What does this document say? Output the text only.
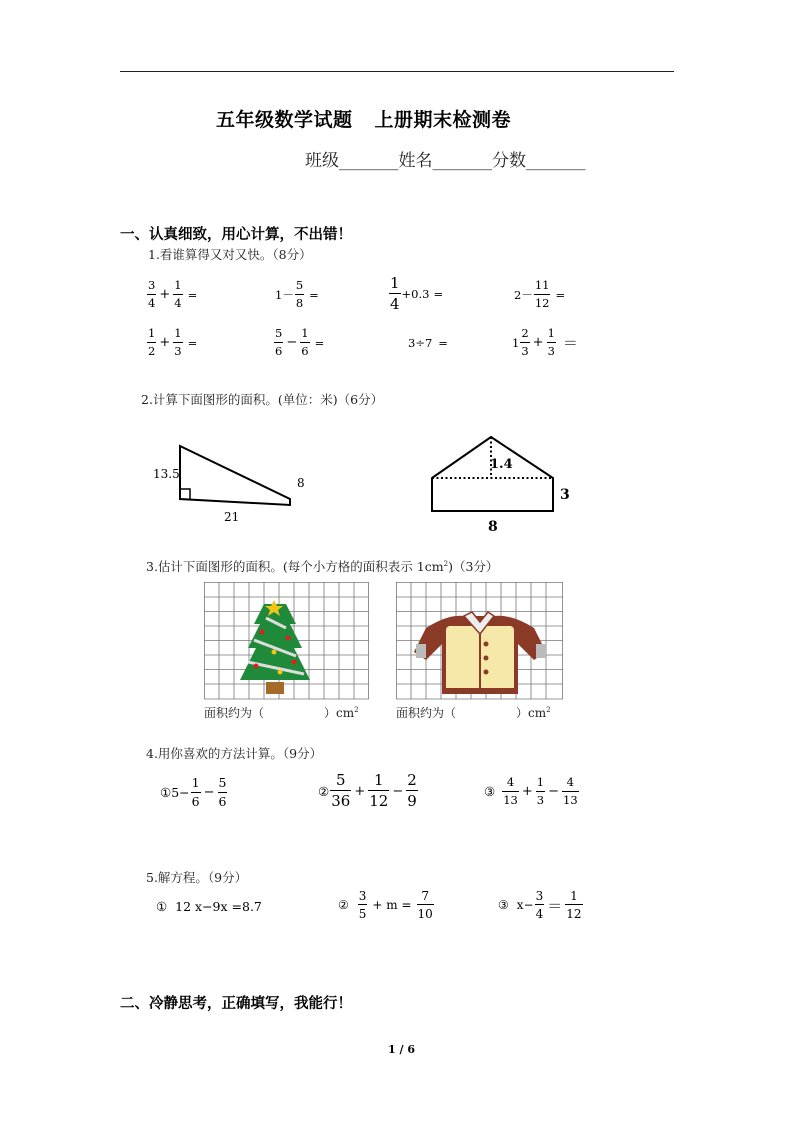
五年级数学试题 上册期末检测卷
班级_______姓名_______分数_______
一、认真细致，用心计算，不出错！
1.看谁算得又对又快。（8分）
$\frac{3}{4} + \frac{1}{4}$ =	$1- \frac{5}{8}$ =	$\frac{1}{4} +0.3$ =	$2- \frac{11}{12}$ =
$\frac{1}{2} + \frac{1}{3}$ =	$\frac{5}{6} - \frac{1}{6}$ =	3÷7 =	$1 \frac{2}{3} + \frac{1}{3}$ ＝
2.计算下面图形的面积。(单位：米)（6分）
13.5
8
21
1.4
3
8
3.估计下面图形的面积。(每个小方格的面积表示 $1cm^2)(3$分）
面积约为（	）$cm^2$	面积约为（	）$cm^2$
4.用你喜欢的方法计算。（9分）
① $5- \frac{1}{6} - \frac{5}{6}$	② $\frac{5}{36} + \frac{1}{12} - \frac{2}{9}$	③ $\frac{4}{13} + \frac{1}{3} - \frac{4}{13}$
5.解方程。（9分）
①  12 x−9x =8.7	② $\frac{3}{5} + m = \frac{7}{10}$	③ $x- \frac{3}{4} = \frac{1}{12}$
二、冷静思考，正确填写，我能行！
1 / 6
